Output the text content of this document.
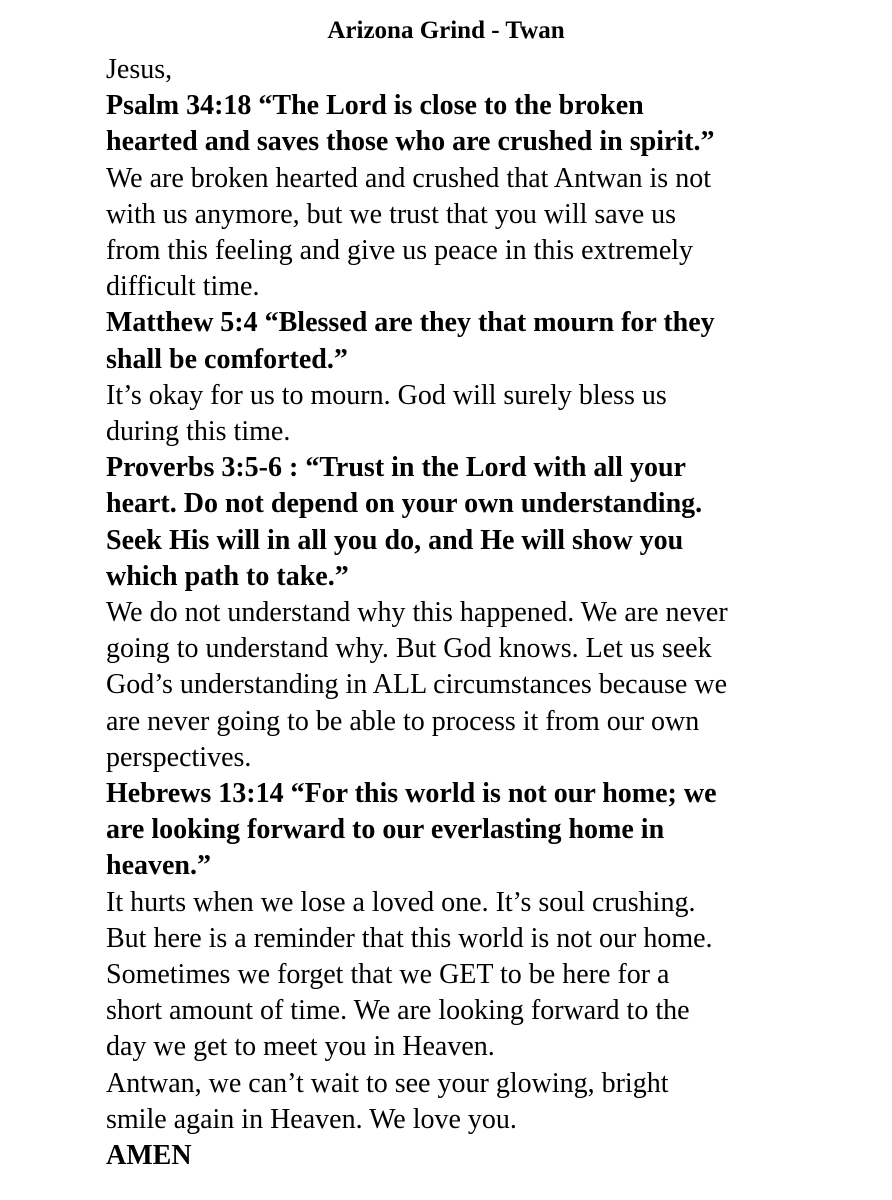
Arizona Grind - Twan

Jesus,

Psalm 34:18 “The Lord is close to the broken

hearted and saves those who are crushed in spirit.”

We are broken hearted and crushed that Antwan is not

with us anymore, but we trust that you will save us

from this feeling and give us peace in this extremely

difficult time.

Matthew 5:4 “Blessed are they that mourn for they

shall be comforted.”

It’s okay for us to mourn. God will surely bless us

during this time.

Proverbs 3:5-6 : “Trust in the Lord with all your

heart. Do not depend on your own understanding.

Seek His will in all you do, and He will show you

which path to take.”

We do not understand why this happened. We are never

going to understand why. But God knows. Let us seek

God’s understanding in ALL circumstances because we

are never going to be able to process it from our own

perspectives.

Hebrews 13:14 “For this world is not our home; we

are looking forward to our everlasting home in

heaven.”

It hurts when we lose a loved one. It’s soul crushing.

But here is a reminder that this world is not our home.

Sometimes we forget that we GET to be here for a

short amount of time. We are looking forward to the

day we get to meet you in Heaven.

Antwan, we can’t wait to see your glowing, bright

smile again in Heaven. We love you.

AMEN
